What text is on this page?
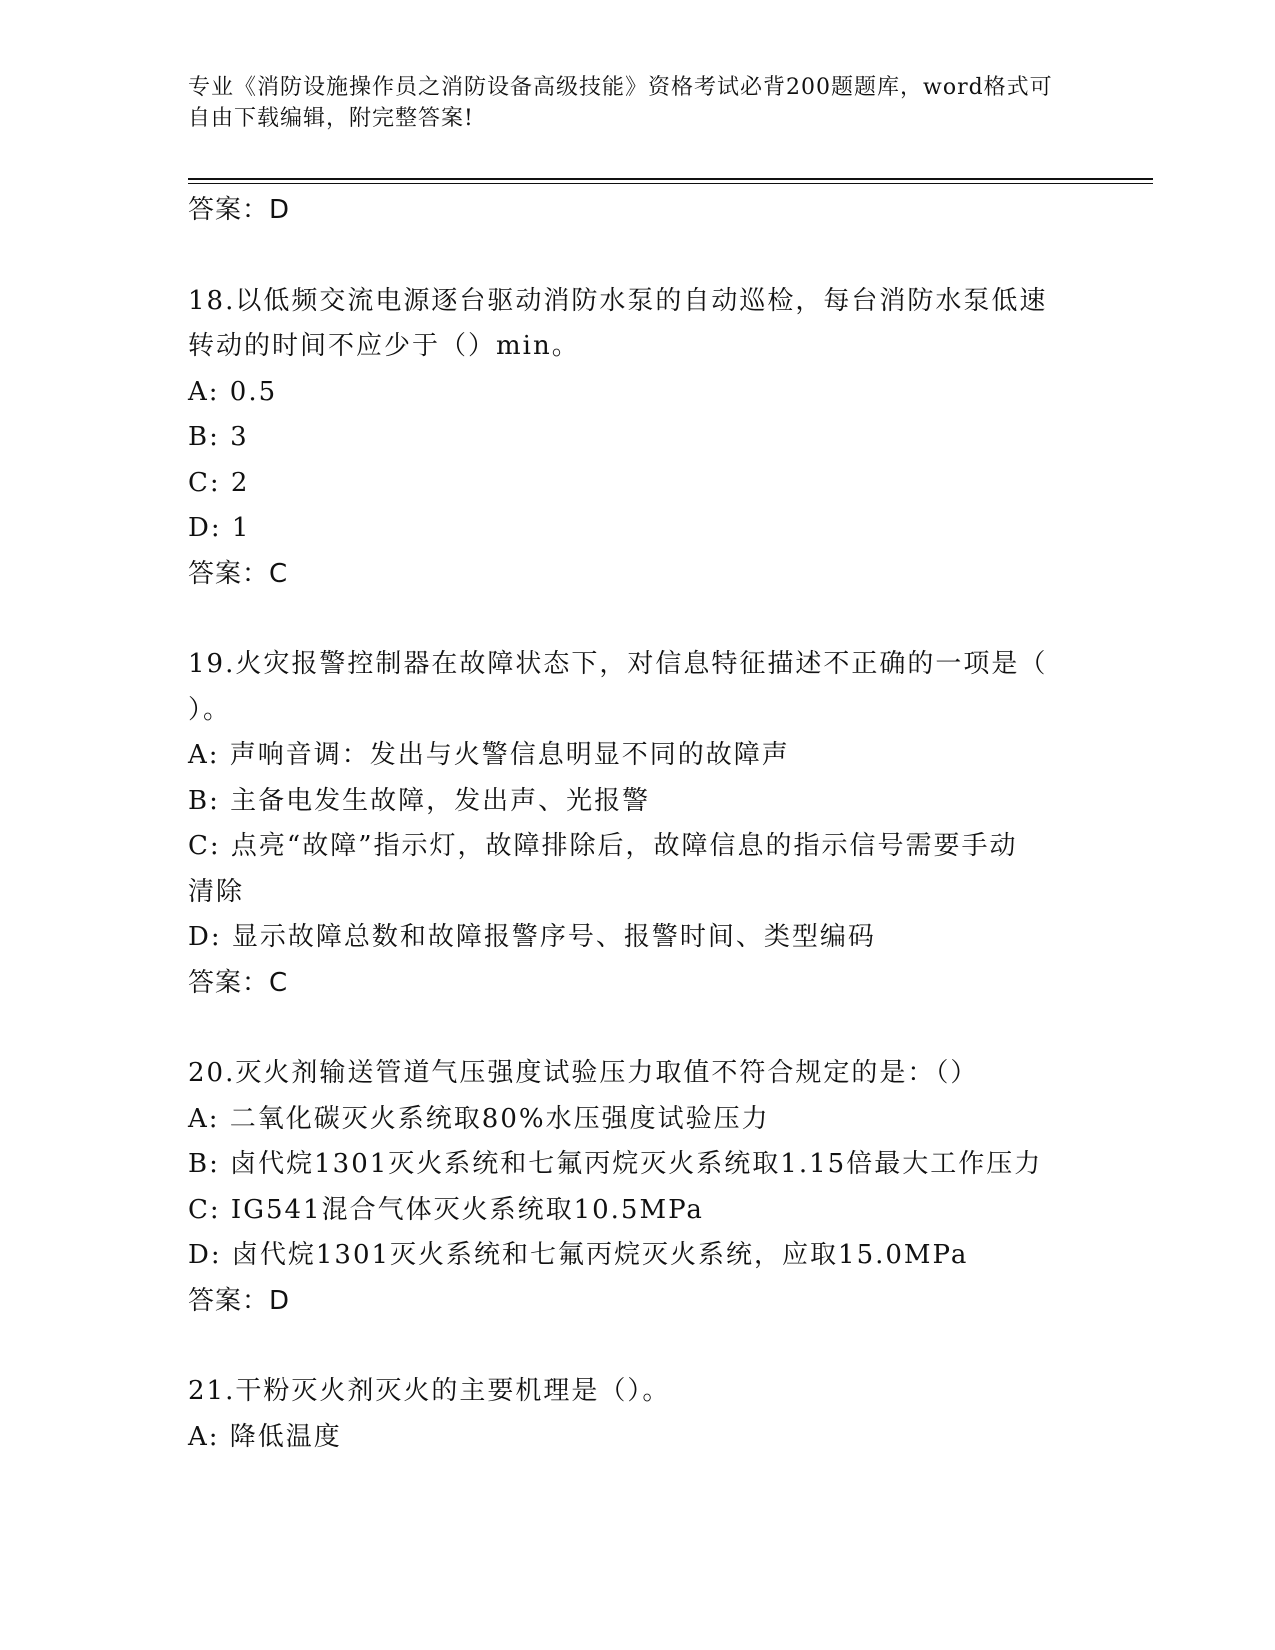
专业《消防设施操作员之消防设备高级技能》资格考试必背200题题库，word格式可自由下载编辑，附完整答案!
答案：D
18.以低频交流电源逐台驱动消防水泵的自动巡检，每台消防水泵低速
转动的时间不应少于（）min。
A: 0.5
B: 3
C: 2
D: 1
答案：C
19.火灾报警控制器在故障状态下，对信息特征描述不正确的一项是（
）。
A: 声响音调：发出与火警信息明显不同的故障声
B: 主备电发生故障，发出声、光报警
C: 点亮“故障”指示灯，故障排除后，故障信息的指示信号需要手动
清除
D: 显示故障总数和故障报警序号、报警时间、类型编码
答案：C
20.灭火剂输送管道气压强度试验压力取值不符合规定的是：（）
A: 二氧化碳灭火系统取80%水压强度试验压力
B: 卤代烷1301灭火系统和七氟丙烷灭火系统取1.15倍最大工作压力
C: IG541混合气体灭火系统取10.5MPa
D: 卤代烷1301灭火系统和七氟丙烷灭火系统，应取15.0MPa
答案：D
21.干粉灭火剂灭火的主要机理是（）。
A: 降低温度
